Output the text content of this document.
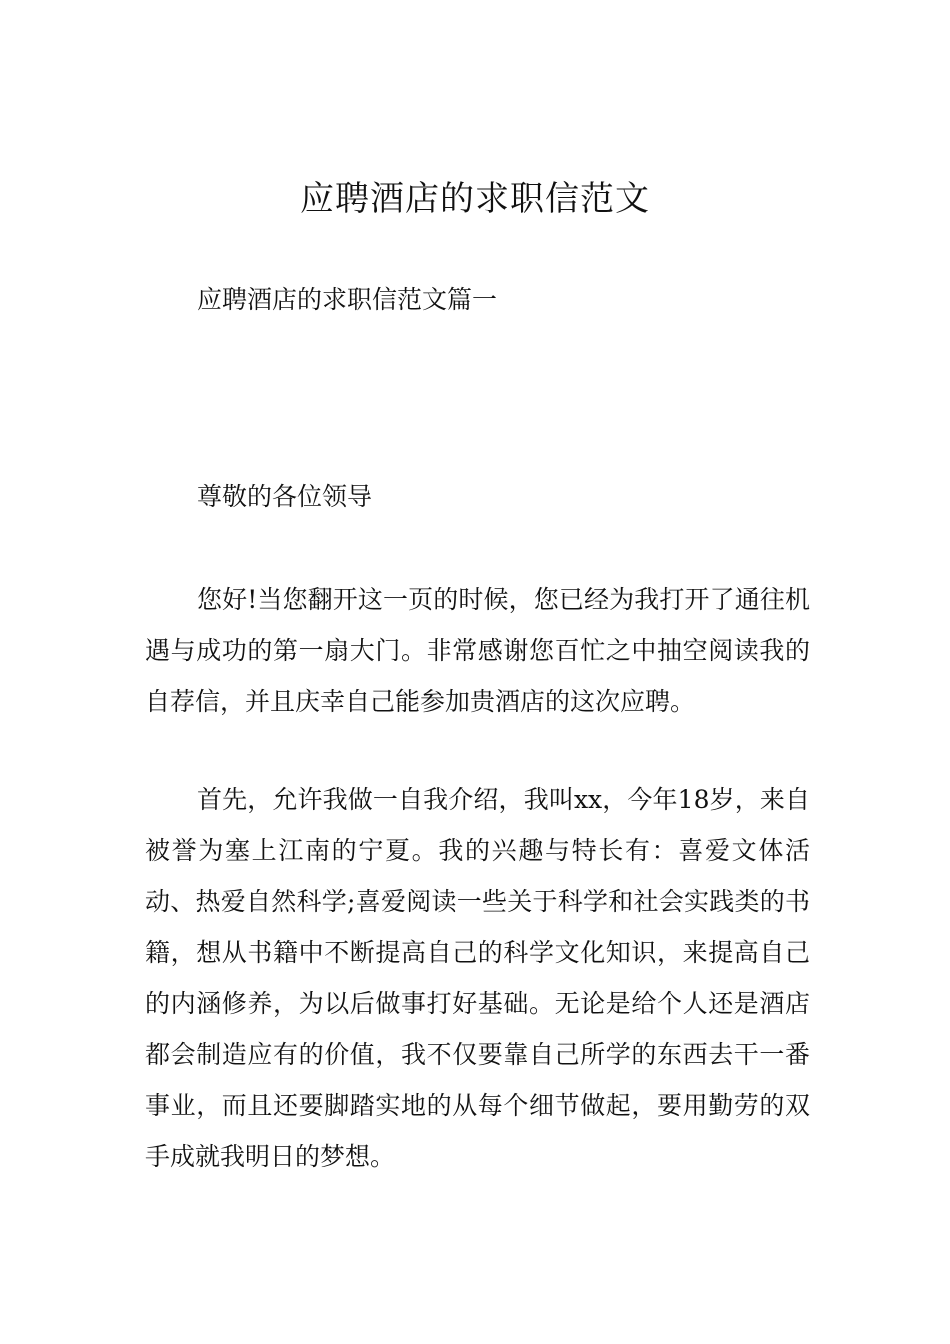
应聘酒店的求职信范文

应聘酒店的求职信范文篇一

尊敬的各位领导

您好!当您翻开这一页的时候，您已经为我打开了通往机遇与成功的第一扇大门。非常感谢您百忙之中抽空阅读我的自荐信，并且庆幸自己能参加贵酒店的这次应聘。

首先，允许我做一自我介绍，我叫xx，今年18岁，来自被誉为塞上江南的宁夏。我的兴趣与特长有：喜爱文体活动、热爱自然科学;喜爱阅读一些关于科学和社会实践类的书籍，想从书籍中不断提高自己的科学文化知识，来提高自己的内涵修养，为以后做事打好基础。无论是给个人还是酒店都会制造应有的价值，我不仅要靠自己所学的东西去干一番事业，而且还要脚踏实地的从每个细节做起，要用勤劳的双手成就我明日的梦想。
